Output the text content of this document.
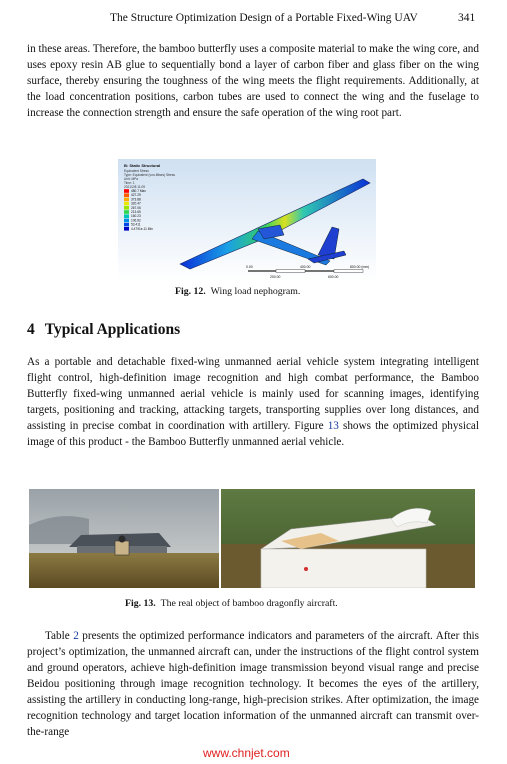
The Structure Optimization Design of a Portable Fixed-Wing UAV	341

in these areas. Therefore, the bamboo butterfly uses a composite material to make the wing core, and uses epoxy resin AB glue to sequentially bond a layer of carbon fiber and glass fiber on the wing surface, thereby ensuring the toughness of the wing meets the flight requirements. Additionally, at the load concentration positions, carbon tubes are used to connect the wing and the fuselage to increase the connection strength and ensure the safe operation of the wing root part.

B: Static Structural
Equivalent Stress
Type: Equivalent (von-Mises) Stress
Unit: MPa
Time: 1
2021/2/8 11:09
480.7 Max
427.29
373.88
320.47
267.06
213.65
160.23
106.82
53.411
4.4791e-11 Min
0.00	400.00	800.00 (mm)
200.00	600.00
Fig. 12. Wing load nephogram.
4 Typical Applications

As a portable and detachable fixed-wing unmanned aerial vehicle system integrating intelligent flight control, high-definition image recognition and high combat performance, the Bamboo Butterfly fixed-wing unmanned aerial vehicle is mainly used for scanning images, identifying targets, positioning and tracking, attacking targets, transporting supplies over long distances, and assisting in precise combat in coordination with artillery. Figure 13 shows the optimized physical image of this product - the Bamboo Butterfly unmanned aerial vehicle.

Fig. 13. The real object of bamboo dragonfly aircraft.

Table 2 presents the optimized performance indicators and parameters of the aircraft. After this project’s optimization, the unmanned aircraft can, under the instructions of the flight control system and ground operators, achieve high-definition image transmission beyond visual range and precise Beidou positioning through image recognition technology. It becomes the eyes of the artillery, assisting the artillery in conducting long-range, high-precision strikes. After optimization, the image recognition technology and target location information of the unmanned aircraft can transmit over-the-range

www.chnjet.com
